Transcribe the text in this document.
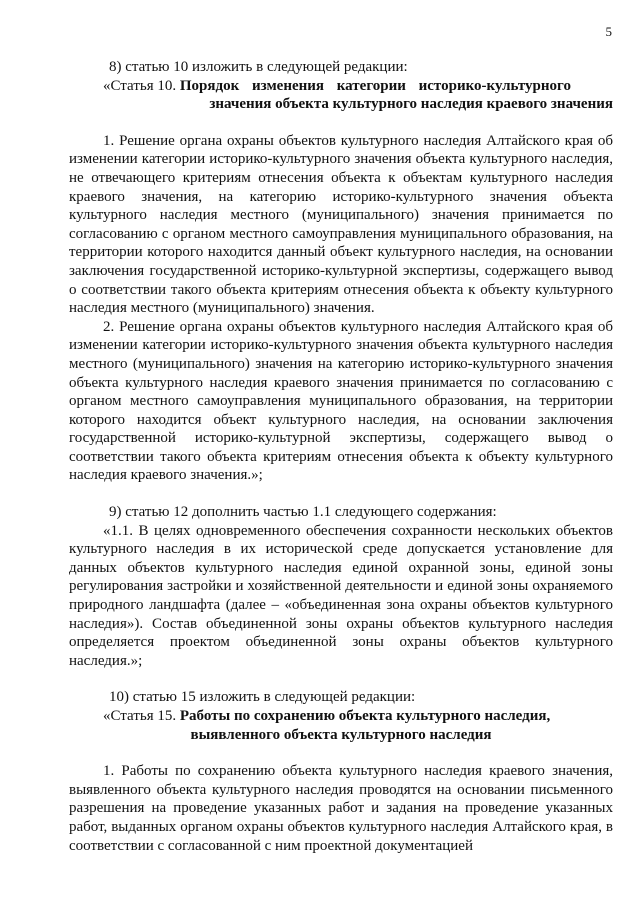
5

8) статью 10 изложить в следующей редакции:

«Статья 10. Порядок изменения категории историко-культурного
значения объекта культурного наследия краевого значения

1. Решение органа охраны объектов культурного наследия Алтайского края об изменении категории историко-культурного значения объекта культурного наследия, не отвечающего критериям отнесения объекта к объектам культурного наследия краевого значения, на категорию историко-культурного значения объекта культурного наследия местного (муниципального) значения принимается по согласованию с органом местного самоуправления муниципального образования, на территории которого находится данный объект культурного наследия, на основании заключения государственной историко-культурной экспертизы, содержащего вывод о соответствии такого объекта критериям отнесения объекта к объекту культурного наследия местного (муниципального) значения.

2. Решение органа охраны объектов культурного наследия Алтайского края об изменении категории историко-культурного значения объекта культурного наследия местного (муниципального) значения на категорию историко-культурного значения объекта культурного наследия краевого значения принимается по согласованию с органом местного самоуправления муниципального образования, на территории которого находится объект культурного наследия, на основании заключения государственной историко-культурной экспертизы, содержащего вывод о соответствии такого объекта критериям отнесения объекта к объекту культурного наследия краевого значения.»;

9) статью 12 дополнить частью 1.1 следующего содержания:

«1.1. В целях одновременного обеспечения сохранности нескольких объектов культурного наследия в их исторической среде допускается установление для данных объектов культурного наследия единой охранной зоны, единой зоны регулирования застройки и хозяйственной деятельности и единой зоны охраняемого природного ландшафта (далее – «объединенная зона охраны объектов культурного наследия»). Состав объединенной зоны охраны объектов культурного наследия определяется проектом объединенной зоны охраны объектов культурного наследия.»;

10) статью 15 изложить в следующей редакции:

«Статья 15. Работы по сохранению объекта культурного наследия,
выявленного объекта культурного наследия

1. Работы по сохранению объекта культурного наследия краевого значения, выявленного объекта культурного наследия проводятся на основании письменного разрешения на проведение указанных работ и задания на проведение указанных работ, выданных органом охраны объектов культурного наследия Алтайского края, в соответствии с согласованной с ним проектной документацией
